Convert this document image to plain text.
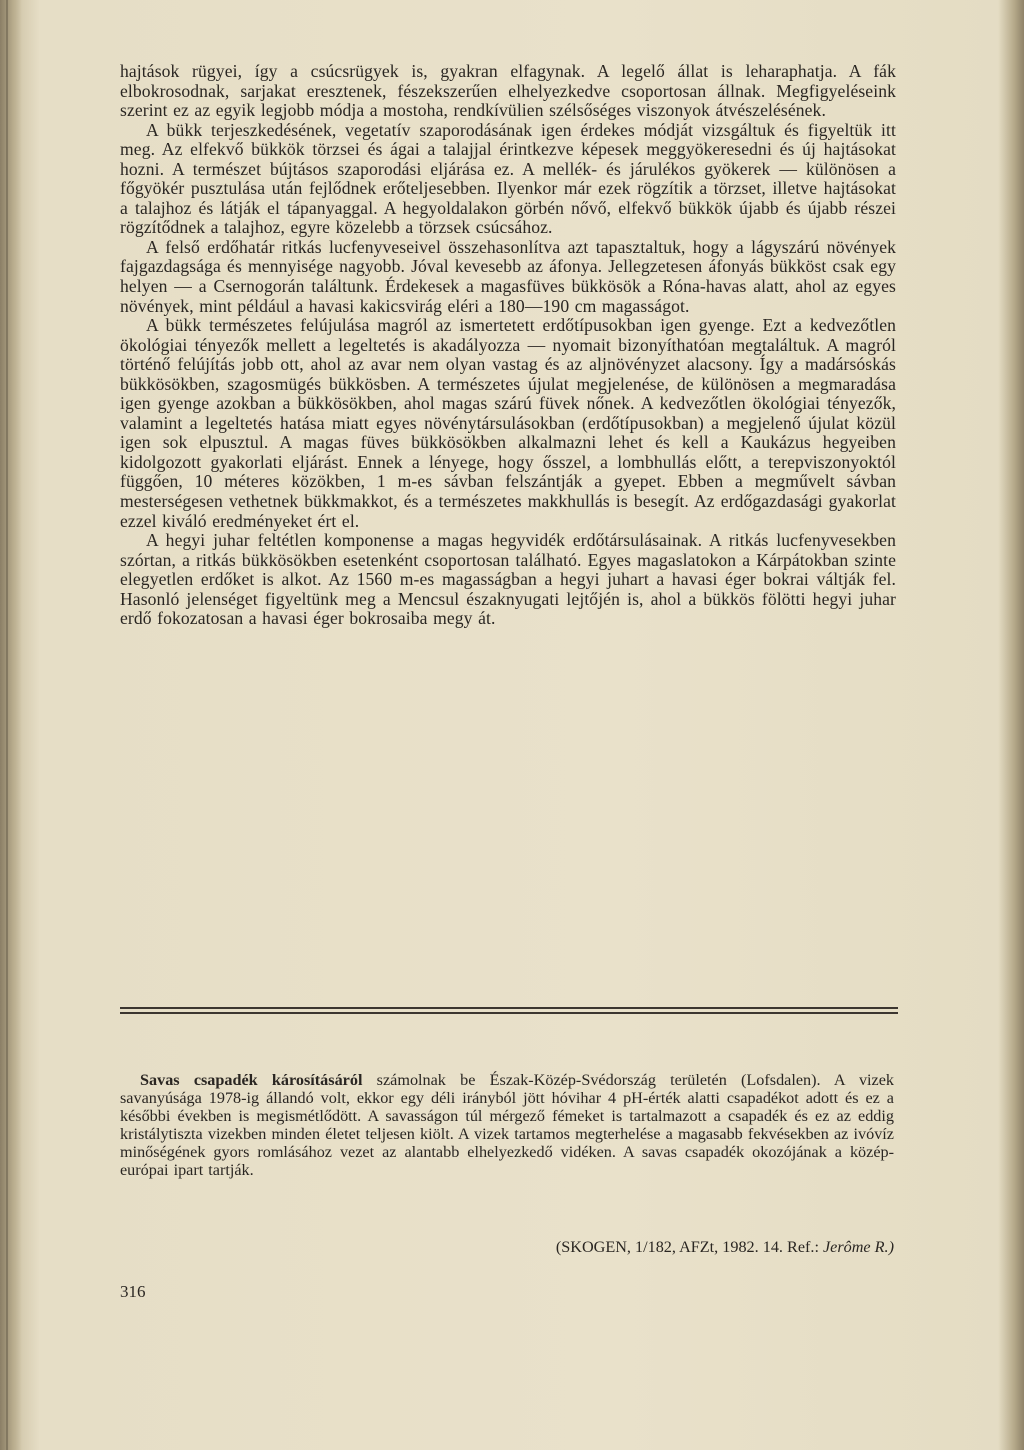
hajtások rügyei, így a csúcsrügyek is, gyakran elfagynak. A legelő állat is leharaphatja. A fák elbokrosodnak, sarjakat eresztenek, fészekszerűen elhelyezkedve csoportosan állnak. Megfigyeléseink szerint ez az egyik legjobb módja a mostoha, rendkívülien szélsőséges viszonyok átvészelésének.

A bükk terjeszkedésének, vegetatív szaporodásának igen érdekes módját vizsgáltuk és figyeltük itt meg. Az elfekvő bükkök törzsei és ágai a talajjal érintkezve képesek meggyökeresedni és új hajtásokat hozni. A természet bújtásos szaporodási eljárása ez. A mellék- és járulékos gyökerek — különösen a főgyökér pusztulása után fejlődnek erőteljesebben. Ilyenkor már ezek rögzítik a törzset, illetve hajtásokat a talajhoz és látják el tápanyaggal. A hegyoldalakon görbén nővő, elfekvő bükkök újabb és újabb részei rögzítődnek a talajhoz, egyre közelebb a törzsek csúcsához.

A felső erdőhatár ritkás lucfenyveseivel összehasonlítva azt tapasztaltuk, hogy a lágyszárú növények fajgazdagsága és mennyisége nagyobb. Jóval kevesebb az áfonya. Jellegzetesen áfonyás bükköst csak egy helyen — a Csernogorán találtunk. Érdekesek a magasfüves bükkösök a Róna-havas alatt, ahol az egyes növények, mint például a havasi kakicsvirág eléri a 180—190 cm magasságot.

A bükk természetes felújulása magról az ismertetett erdőtípusokban igen gyenge. Ezt a kedvezőtlen ökológiai tényezők mellett a legeltetés is akadályozza — nyomait bizonyíthatóan megtaláltuk. A magról történő felújítás jobb ott, ahol az avar nem olyan vastag és az aljnövényzet alacsony. Így a madársóskás bükkösökben, szagosmügés bükkösben. A természetes újulat megjelenése, de különösen a megmaradása igen gyenge azokban a bükkösökben, ahol magas szárú füvek nőnek. A kedvezőtlen ökológiai tényezők, valamint a legeltetés hatása miatt egyes növénytársulásokban (erdőtípusokban) a megjelenő újulat közül igen sok elpusztul. A magas füves bükkösökben alkalmazni lehet és kell a Kaukázus hegyeiben kidolgozott gyakorlati eljárást. Ennek a lényege, hogy ősszel, a lombhullás előtt, a terepviszonyoktól függően, 10 méteres közökben, 1 m-es sávban felszántják a gyepet. Ebben a megművelt sávban mesterségesen vethetnek bükkmakkot, és a természetes makkhullás is besegít. Az erdőgazdasági gyakorlat ezzel kiváló eredményeket ért el.

A hegyi juhar feltétlen komponense a magas hegyvidék erdőtársulásainak. A ritkás lucfenyvesekben szórtan, a ritkás bükkösökben esetenként csoportosan található. Egyes magaslatokon a Kárpátokban szinte elegyetlen erdőket is alkot. Az 1560 m-es magasságban a hegyi juhart a havasi éger bokrai váltják fel. Hasonló jelenséget figyeltünk meg a Mencsul északnyugati lejtőjén is, ahol a bükkös fölötti hegyi juhar erdő fokozatosan a havasi éger bokrosaiba megy át.

Savas csapadék károsításáról számolnak be Észak-Közép-Svédország területén (Lofsdalen). A vizek savanyúsága 1978-ig állandó volt, ekkor egy déli irányból jött hóvihar 4 pH-érték alatti csapadékot adott és ez a későbbi években is megismétlődött. A savasságon túl mérgező fémeket is tartalmazott a csapadék és ez az eddig kristálytiszta vizekben minden életet teljesen kiölt. A vizek tartamos megterhelése a magasabb fekvésekben az ivóvíz minőségének gyors romlásához vezet az alantabb elhelyezkedő vidéken. A savas csapadék okozójának a közép-európai ipart tartják.

(SKOGEN, 1/182, AFZt, 1982. 14. Ref.: Jerôme R.)
316
